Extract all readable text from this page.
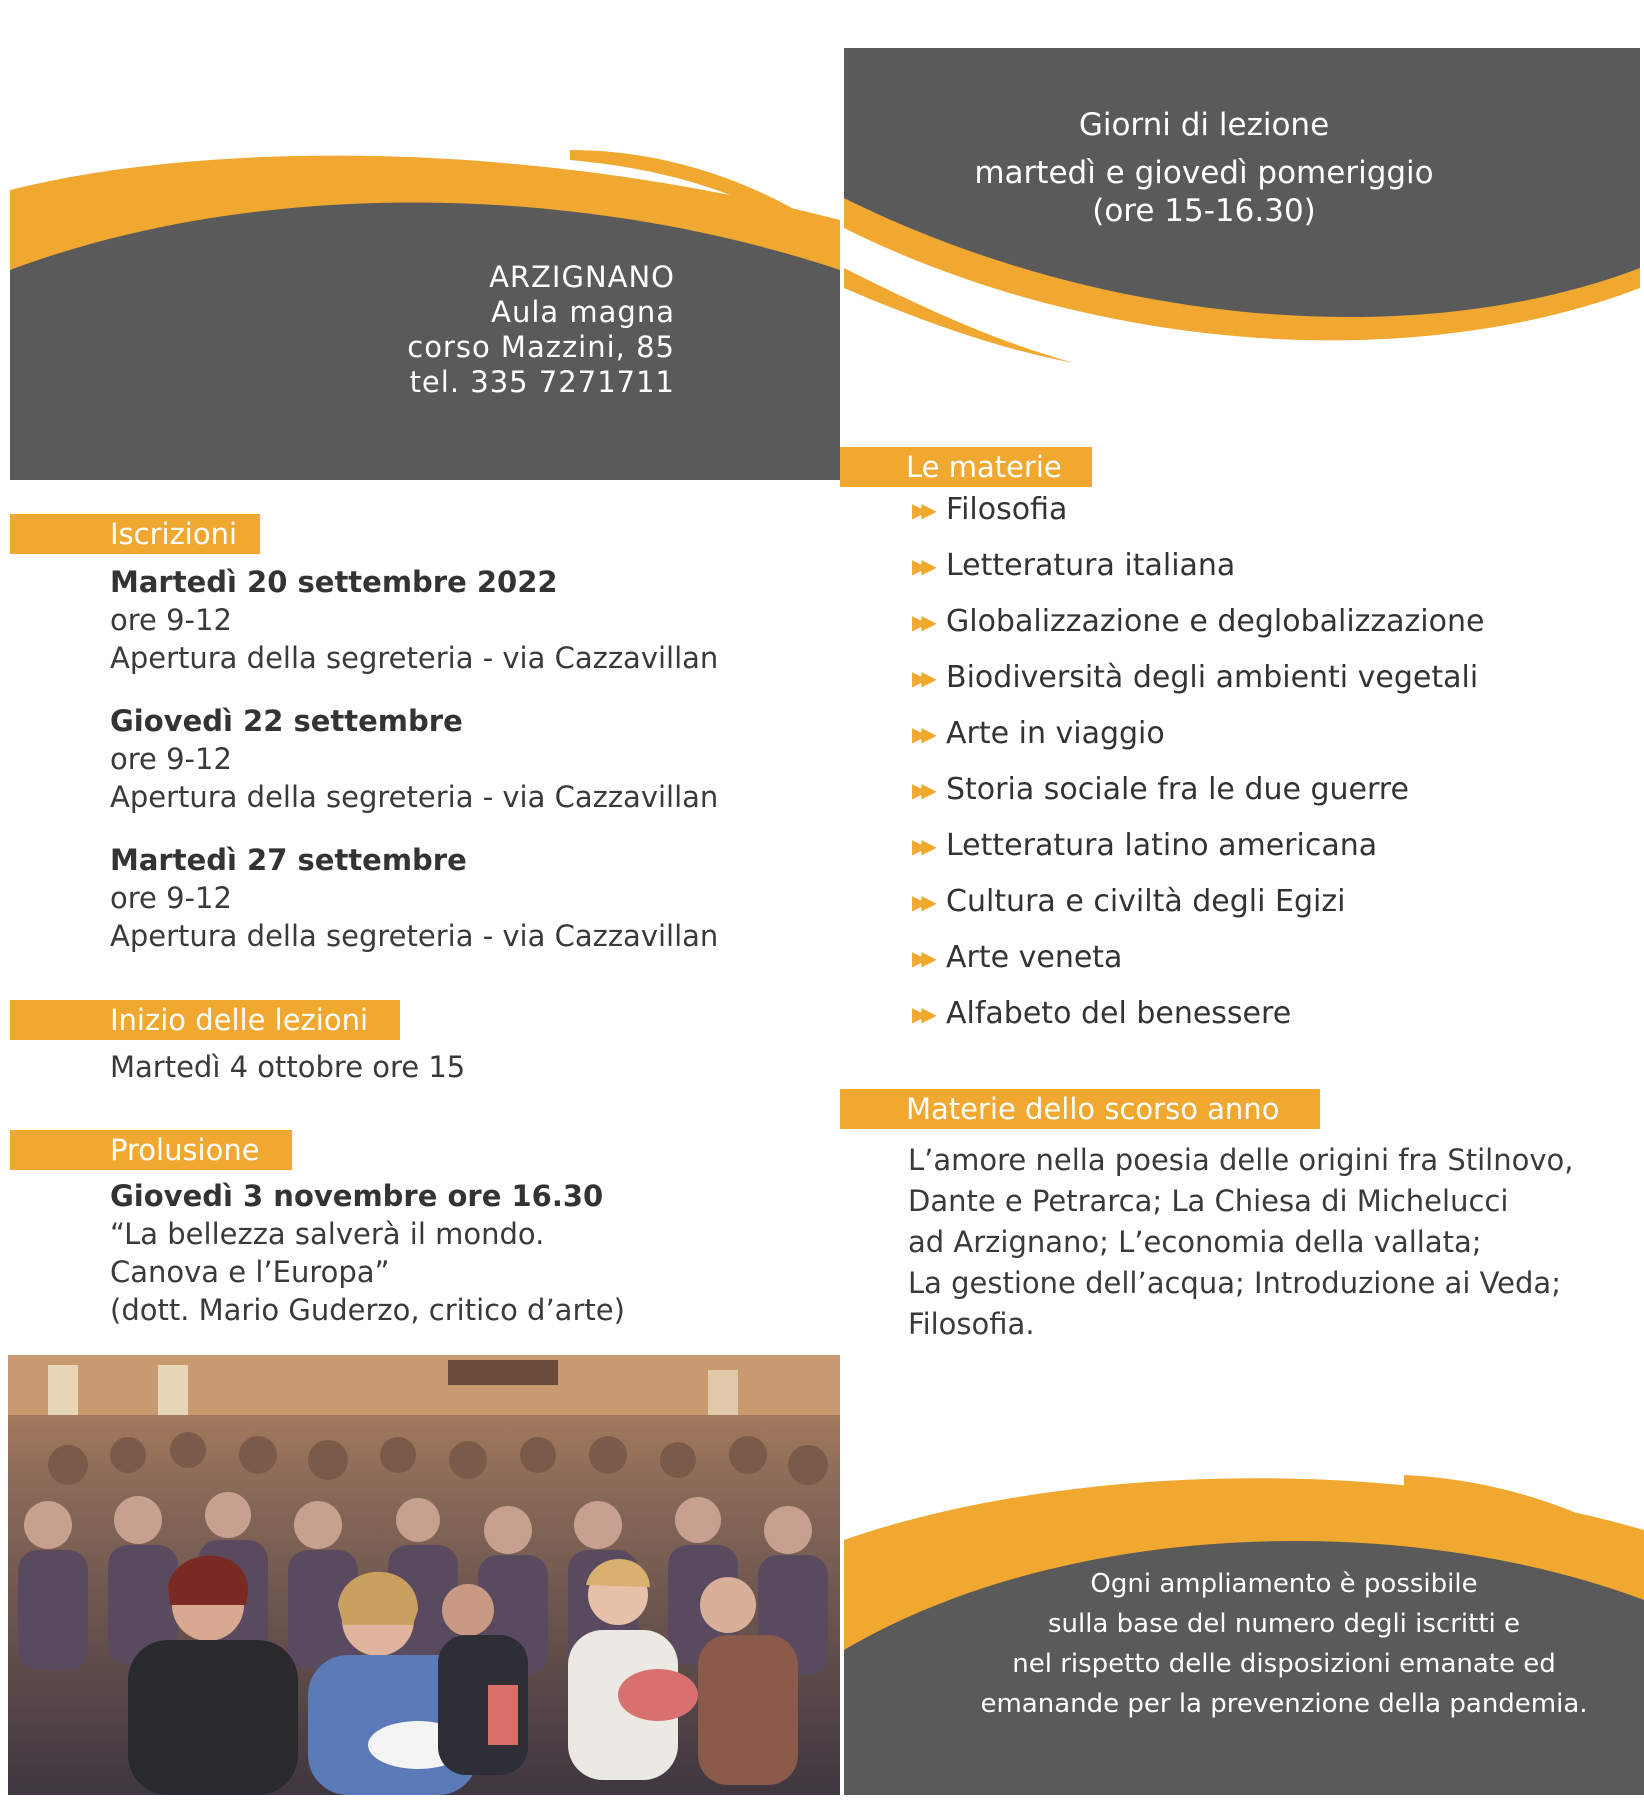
ARZIGNANO
Aula magna
corso Mazzini, 85
tel. 335 7271711
Iscrizioni
Martedì 20 settembre 2022
ore 9-12
Apertura della segreteria - via Cazzavillan
Giovedì 22 settembre
ore 9-12
Apertura della segreteria - via Cazzavillan
Martedì 27 settembre
ore 9-12
Apertura della segreteria - via Cazzavillan
Inizio delle lezioni
Martedì 4 ottobre ore 15
Prolusione
Giovedì 3 novembre ore 16.30
“La bellezza salverà il mondo.
Canova e l’Europa”
(dott. Mario Guderzo, critico d’arte)
Giorni di lezione
martedì e giovedì pomeriggio
(ore 15-16.30)
Le materie
▶▶ Filosofia
▶▶ Letteratura italiana
▶▶ Globalizzazione e deglobalizzazione
▶▶ Biodiversità degli ambienti vegetali
▶▶ Arte in viaggio
▶▶ Storia sociale fra le due guerre
▶▶ Letteratura latino americana
▶▶ Cultura e civiltà degli Egizi
▶▶ Arte veneta
▶▶ Alfabeto del benessere
Materie dello scorso anno
L’amore nella poesia delle origini fra Stilnovo,
Dante e Petrarca; La Chiesa di Michelucci
ad Arzignano; L’economia della vallata;
La gestione dell’acqua; Introduzione ai Veda;
Filosofia.
Ogni ampliamento è possibile
sulla base del numero degli iscritti e
nel rispetto delle disposizioni emanate ed
emanande per la prevenzione della pandemia.
